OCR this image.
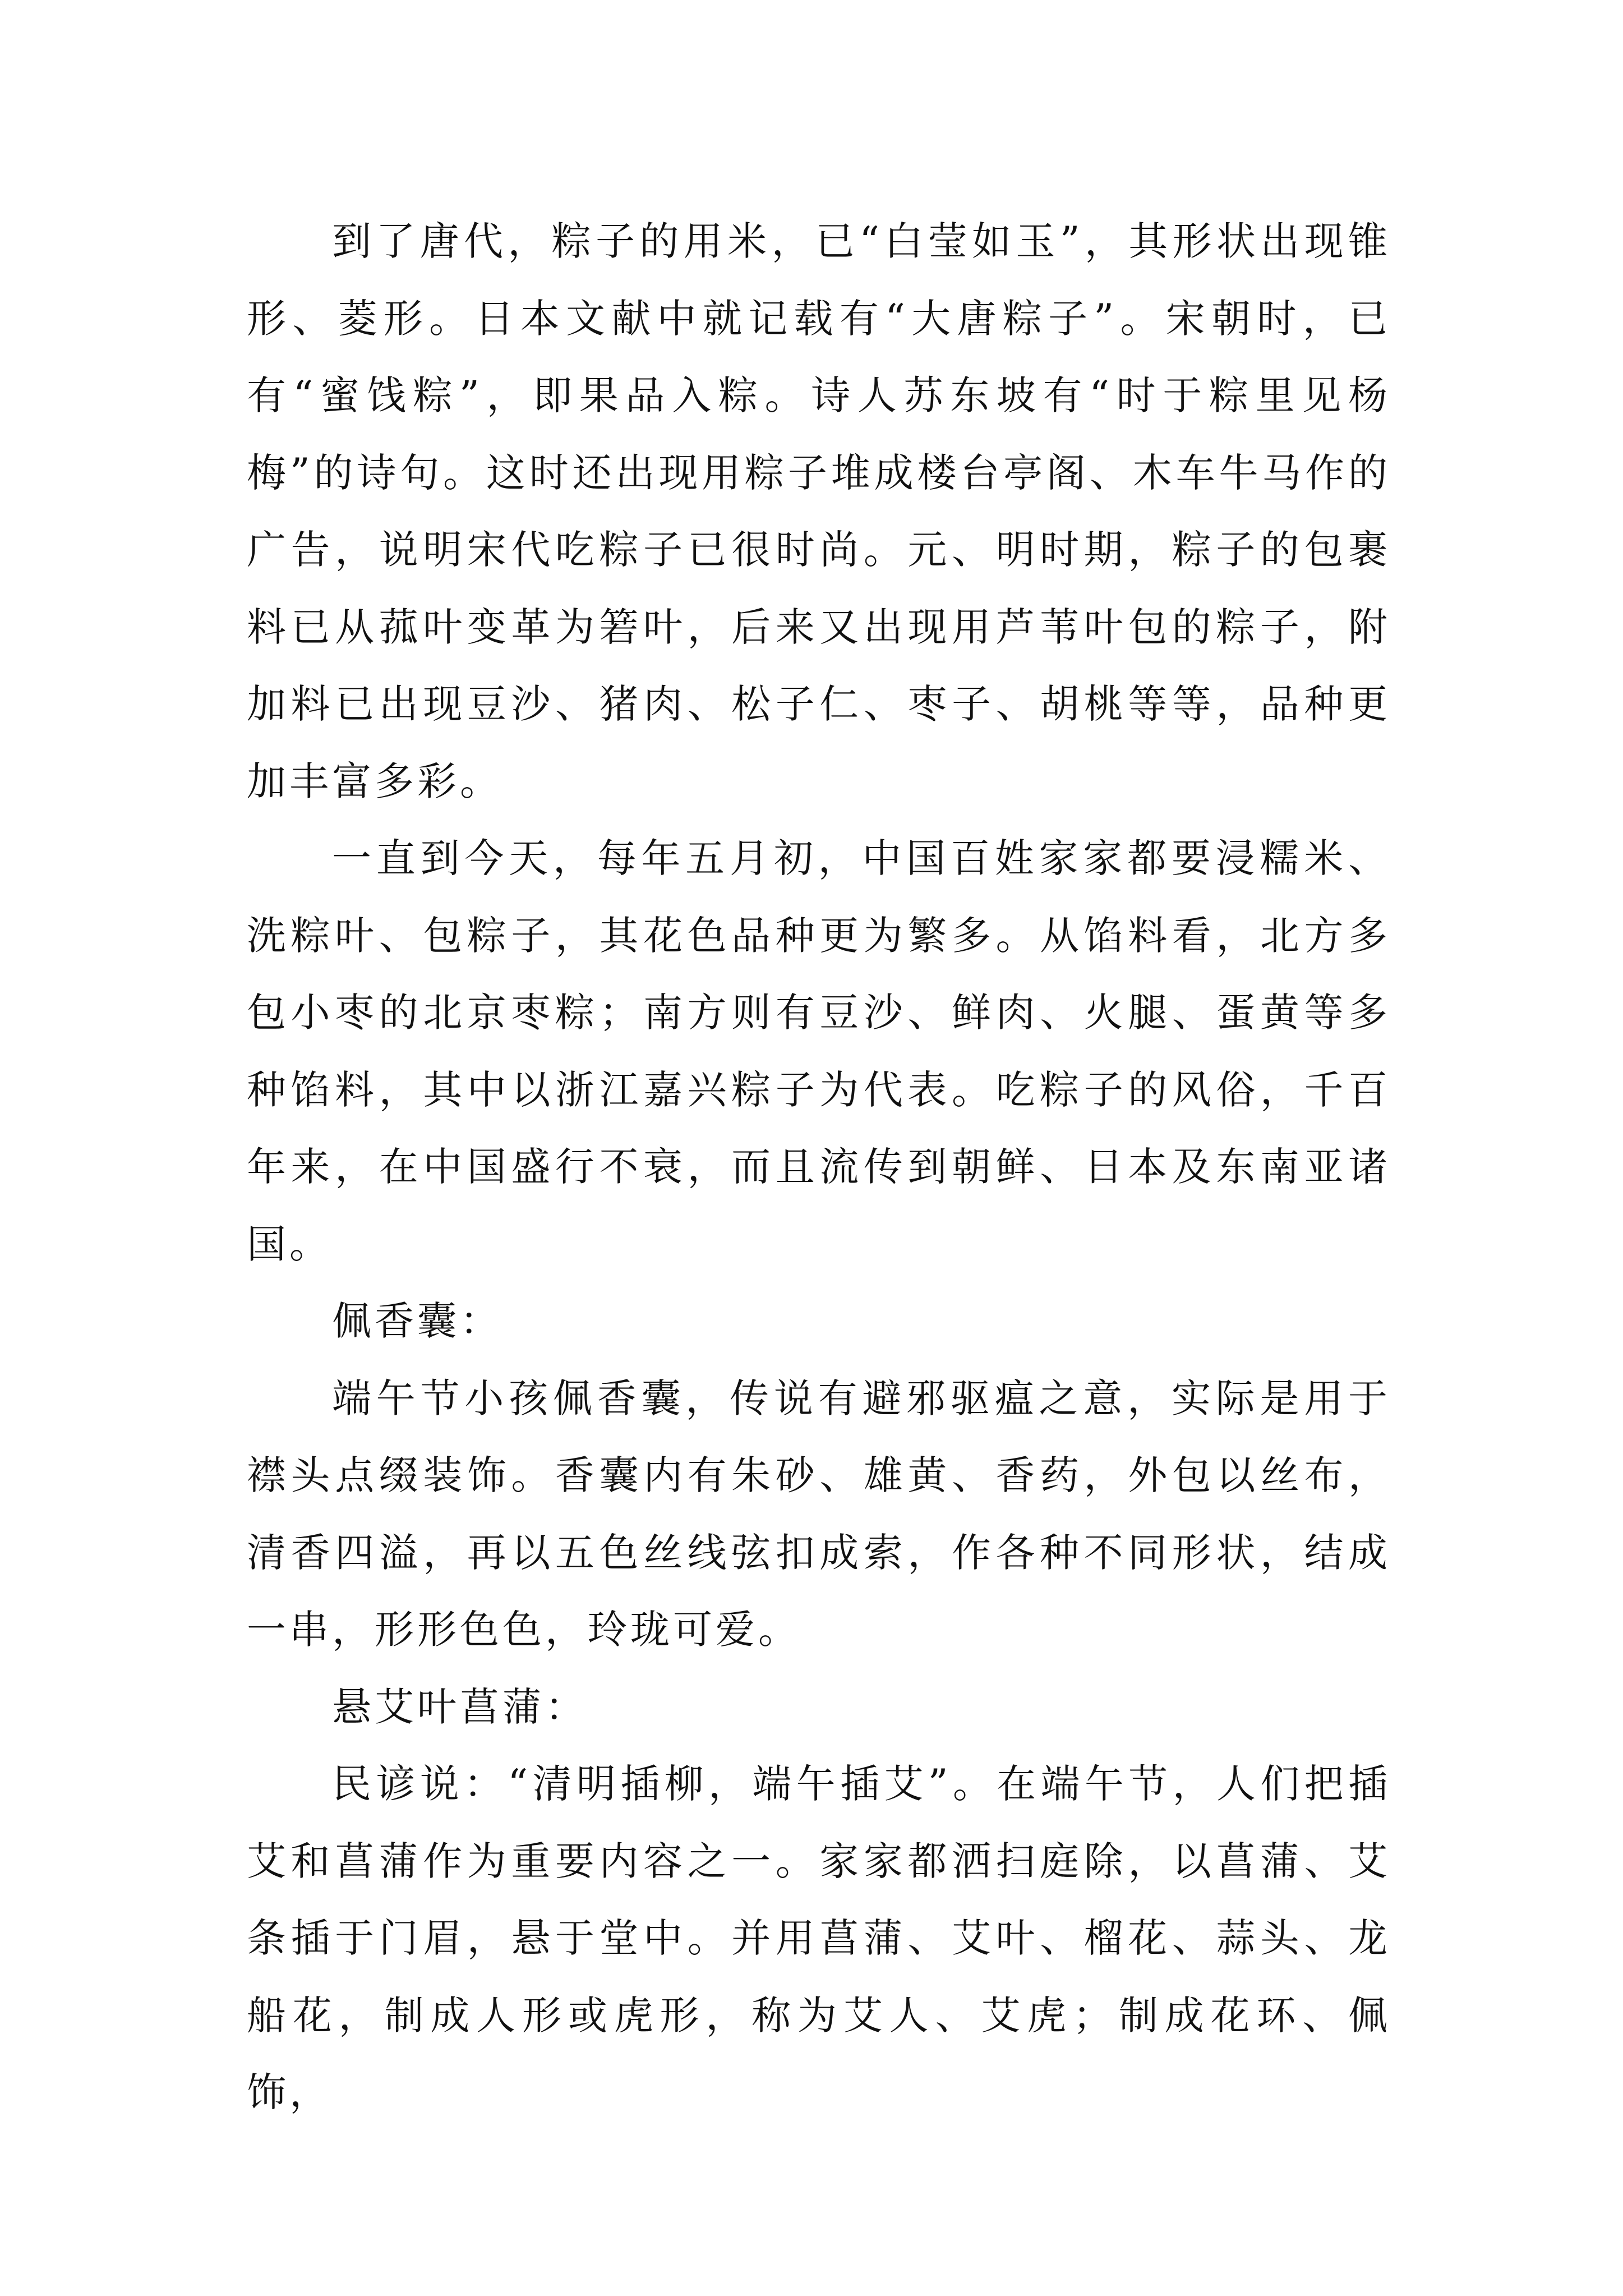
到了唐代，粽子的用米，已“白莹如玉”，其形状出现锥形、菱形。日本文献中就记载有“大唐粽子”。宋朝时，已有“蜜饯粽”，即果品入粽。诗人苏东坡有“时于粽里见杨梅”的诗句。这时还出现用粽子堆成楼台亭阁、木车牛马作的广告，说明宋代吃粽子已很时尚。元、明时期，粽子的包裹料已从菰叶变革为箬叶，后来又出现用芦苇叶包的粽子，附加料已出现豆沙、猪肉、松子仁、枣子、胡桃等等，品种更加丰富多彩。

一直到今天，每年五月初，中国百姓家家都要浸糯米、洗粽叶、包粽子，其花色品种更为繁多。从馅料看，北方多包小枣的北京枣粽；南方则有豆沙、鲜肉、火腿、蛋黄等多种馅料，其中以浙江嘉兴粽子为代表。吃粽子的风俗，千百年来，在中国盛行不衰，而且流传到朝鲜、日本及东南亚诸国。

佩香囊：

端午节小孩佩香囊，传说有避邪驱瘟之意，实际是用于襟头点缀装饰。香囊内有朱砂、雄黄、香药，外包以丝布，清香四溢，再以五色丝线弦扣成索，作各种不同形状，结成一串，形形色色，玲珑可爱。

悬艾叶菖蒲：

民谚说：“清明插柳，端午插艾”。在端午节，人们把插艾和菖蒲作为重要内容之一。家家都洒扫庭除，以菖蒲、艾条插于门眉，悬于堂中。并用菖蒲、艾叶、榴花、蒜头、龙船花，制成人形或虎形，称为艾人、艾虎；制成花环、佩饰，
